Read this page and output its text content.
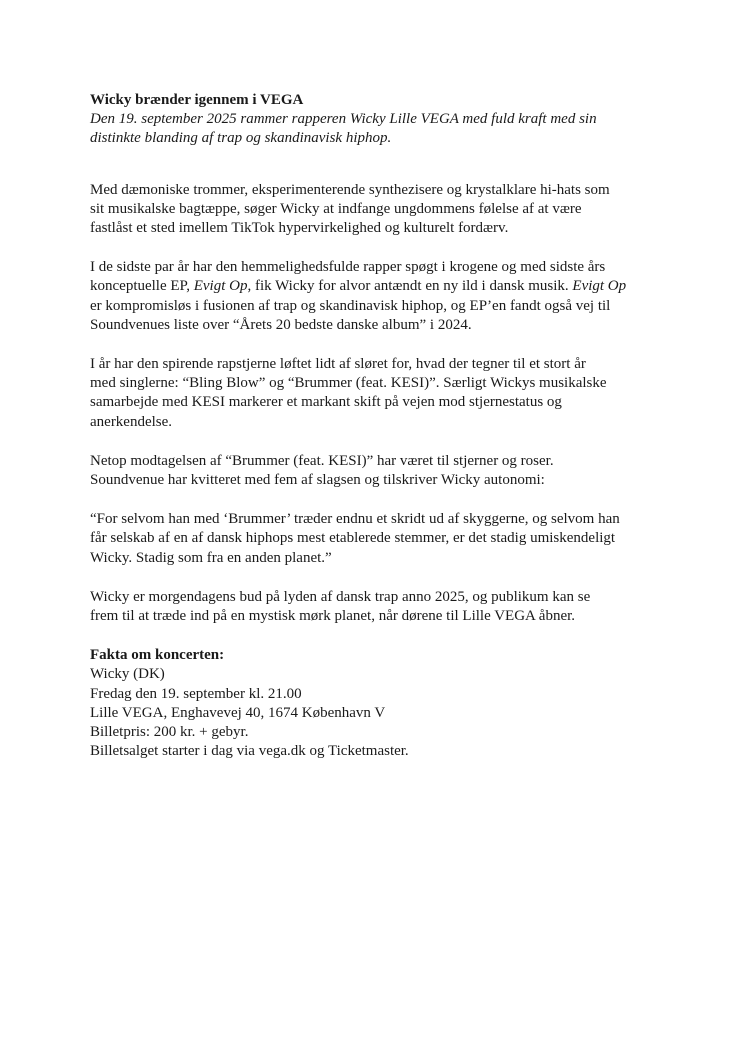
Wicky brænder igennem i VEGA

Den 19. september 2025 rammer rapperen Wicky Lille VEGA med fuld kraft med sin
distinkte blanding af trap og skandinavisk hiphop.

Med dæmoniske trommer, eksperimenterende synthezisere og krystalklare hi-hats som
sit musikalske bagtæppe, søger Wicky at indfange ungdommens følelse af at være
fastlåst et sted imellem TikTok hypervirkelighed og kulturelt fordærv.

I de sidste par år har den hemmelighedsfulde rapper spøgt i krogene og med sidste års
konceptuelle EP, Evigt Op, fik Wicky for alvor antændt en ny ild i dansk musik. Evigt Op
er kompromisløs i fusionen af trap og skandinavisk hiphop, og EP’en fandt også vej til
Soundvenues liste over “Årets 20 bedste danske album” i 2024.

I år har den spirende rapstjerne løftet lidt af sløret for, hvad der tegner til et stort år
med singlerne: “Bling Blow” og “Brummer (feat. KESI)”. Særligt Wickys musikalske
samarbejde med KESI markerer et markant skift på vejen mod stjernestatus og
anerkendelse.

Netop modtagelsen af “Brummer (feat. KESI)” har været til stjerner og roser.
Soundvenue har kvitteret med fem af slagsen og tilskriver Wicky autonomi:

“For selvom han med ‘Brummer’ træder endnu et skridt ud af skyggerne, og selvom han
får selskab af en af dansk hiphops mest etablerede stemmer, er det stadig umiskendeligt
Wicky. Stadig som fra en anden planet.”

Wicky er morgendagens bud på lyden af dansk trap anno 2025, og publikum kan se
frem til at træde ind på en mystisk mørk planet, når dørene til Lille VEGA åbner.

Fakta om koncerten:

Wicky (DK)

Fredag den 19. september kl. 21.00

Lille VEGA, Enghavevej 40, 1674 København V

Billetpris: 200 kr. + gebyr.

Billetsalget starter i dag via vega.dk og Ticketmaster.
